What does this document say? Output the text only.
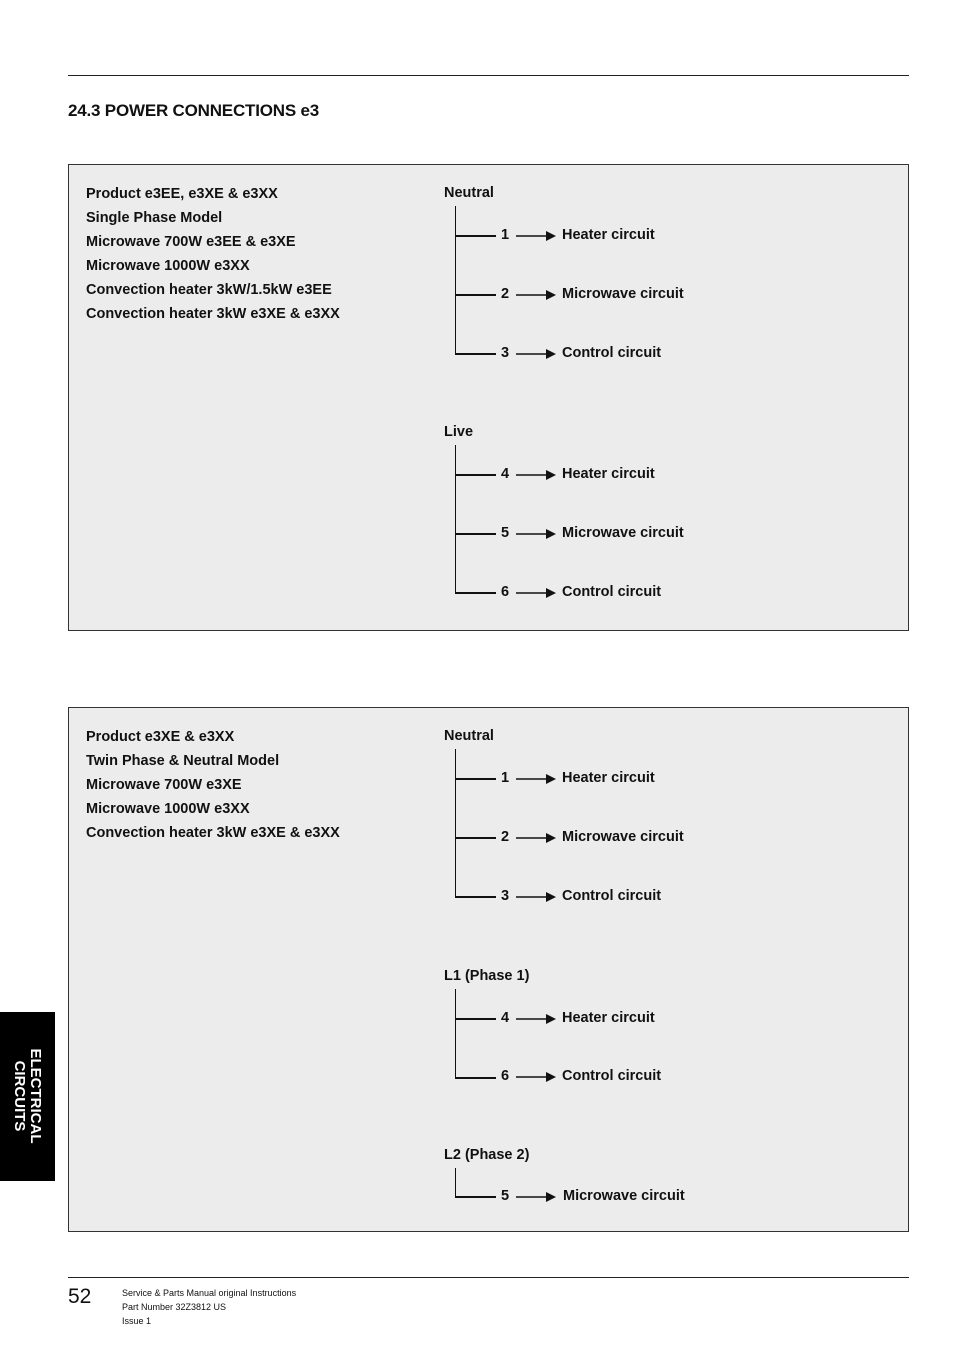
24.3 POWER CONNECTIONS e3
Product e3EE, e3XE & e3XX
Single Phase Model
Microwave 700W e3EE & e3XE
Microwave 1000W e3XX
Convection heater 3kW/1.5kW e3EE
Convection heater 3kW e3XE & e3XX
Neutral
1	Heater circuit
2	Microwave circuit
3	Control circuit
Live
4	Heater circuit
5	Microwave circuit
6	Control circuit
Product e3XE & e3XX
Twin Phase & Neutral Model
Microwave 700W e3XE
Microwave 1000W e3XX
Convection heater 3kW e3XE & e3XX
Neutral
1	Heater circuit
2	Microwave circuit
3	Control circuit
L1 (Phase 1)
4	Heater circuit
6	Control circuit
L2 (Phase 2)
5	Microwave circuit
ELECTRICAL
CIRCUITS
52	Service & Parts Manual original Instructions
Part Number 32Z3812 US
Issue 1
